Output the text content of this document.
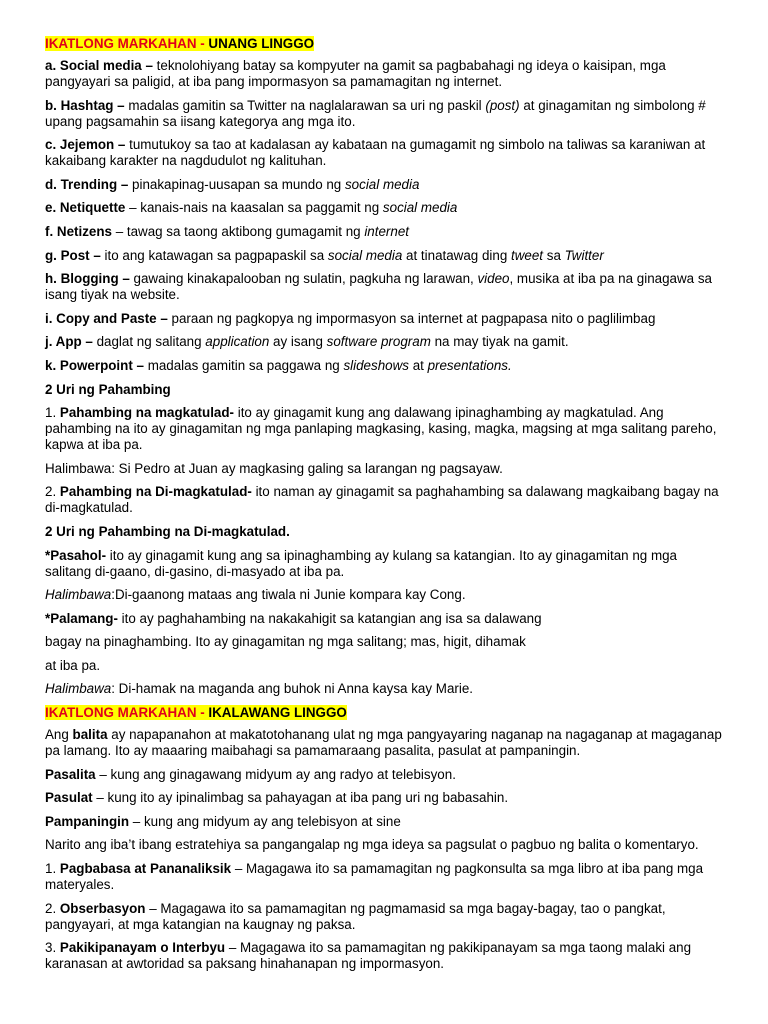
IKATLONG MARKAHAN - UNANG LINGGO

a. Social media – teknolohiyang batay sa kompyuter na gamit sa pagbabahagi ng ideya o kaisipan, mga pangyayari sa paligid, at iba pang impormasyon sa pamamagitan ng internet.

b. Hashtag – madalas gamitin sa Twitter na naglalarawan sa uri ng paskil (post) at ginagamitan ng simbolong # upang pagsamahin sa iisang kategorya ang mga ito.

c. Jejemon – tumutukoy sa tao at kadalasan ay kabataan na gumagamit ng simbolo na taliwas sa karaniwan at kakaibang karakter na nagdudulot ng kalituhan.

d. Trending – pinakapinag-uusapan sa mundo ng social media

e. Netiquette – kanais-nais na kaasalan sa paggamit ng social media

f. Netizens – tawag sa taong aktibong gumagamit ng internet

g. Post – ito ang katawagan sa pagpapaskil sa social media at tinatawag ding tweet sa Twitter

h. Blogging – gawaing kinakapalooban ng sulatin, pagkuha ng larawan, video, musika at iba pa na ginagawa sa isang tiyak na website.

i. Copy and Paste – paraan ng pagkopya ng impormasyon sa internet at pagpapasa nito o paglilimbag

j. App – daglat ng salitang application ay isang software program na may tiyak na gamit.

k. Powerpoint – madalas gamitin sa paggawa ng slideshows at presentations.

2 Uri ng Pahambing

1. Pahambing na magkatulad- ito ay ginagamit kung ang dalawang ipinaghambing ay magkatulad. Ang pahambing na ito ay ginagamitan ng mga panlaping magkasing, kasing, magka, magsing at mga salitang pareho, kapwa at iba pa.

Halimbawa: Si Pedro at Juan ay magkasing galing sa larangan ng pagsayaw.

2. Pahambing na Di-magkatulad- ito naman ay ginagamit sa paghahambing sa dalawang magkaibang bagay na di-magkatulad.

2 Uri ng Pahambing na Di-magkatulad.

*Pasahol- ito ay ginagamit kung ang sa ipinaghambing ay kulang sa katangian. Ito ay ginagamitan ng mga salitang di-gaano, di-gasino, di-masyado at iba pa.

Halimbawa:Di-gaanong mataas ang tiwala ni Junie kompara kay Cong.

*Palamang- ito ay paghahambing na nakakahigit sa katangian ang isa sa dalawang

bagay na pinaghambing. Ito ay ginagamitan ng mga salitang; mas, higit, dihamak

at iba pa.

Halimbawa: Di-hamak na maganda ang buhok ni Anna kaysa kay Marie.

IKATLONG MARKAHAN - IKALAWANG LINGGO

Ang balita ay napapanahon at makatotohanang ulat ng mga pangyayaring naganap na nagaganap at magaganap pa lamang. Ito ay maaaring maibahagi sa pamamaraang pasalita, pasulat at pampaningin.

Pasalita – kung ang ginagawang midyum ay ang radyo at telebisyon.

Pasulat – kung ito ay ipinalimbag sa pahayagan at iba pang uri ng babasahin.

Pampaningin – kung ang midyum ay ang telebisyon at sine

Narito ang iba’t ibang estratehiya sa pangangalap ng mga ideya sa pagsulat o pagbuo ng balita o komentaryo.

1. Pagbabasa at Pananaliksik – Magagawa ito sa pamamagitan ng pagkonsulta sa mga libro at iba pang mga materyales.

2. Obserbasyon – Magagawa ito sa pamamagitan ng pagmamasid sa mga bagay-bagay, tao o pangkat, pangyayari, at mga katangian na kaugnay ng paksa.

3. Pakikipanayam o Interbyu – Magagawa ito sa pamamagitan ng pakikipanayam sa mga taong malaki ang karanasan at awtoridad sa paksang hinahanapan ng impormasyon.
